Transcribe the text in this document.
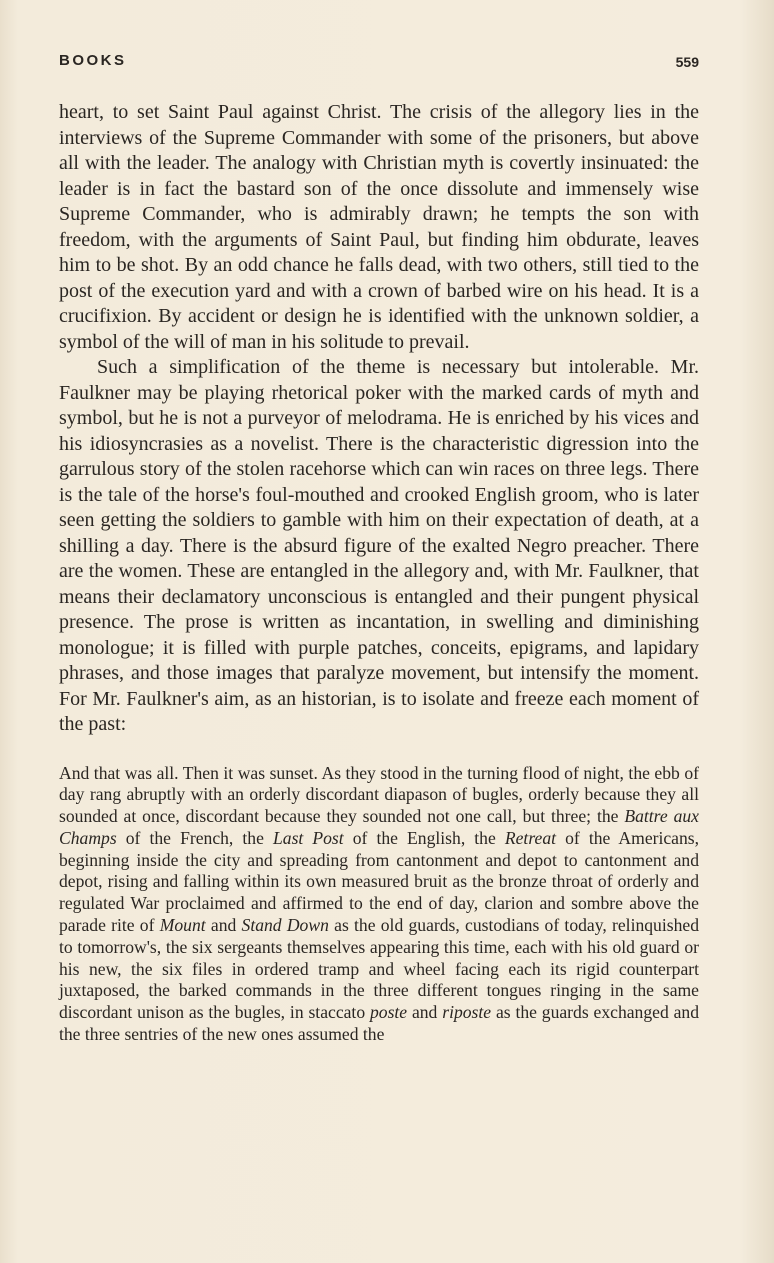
BOOKS	559

heart, to set Saint Paul against Christ. The crisis of the allegory lies in the interviews of the Supreme Commander with some of the prisoners, but above all with the leader. The analogy with Christian myth is covertly insinuated: the leader is in fact the bastard son of the once dissolute and immensely wise Supreme Commander, who is admirably drawn; he tempts the son with freedom, with the arguments of Saint Paul, but finding him obdurate, leaves him to be shot. By an odd chance he falls dead, with two others, still tied to the post of the execution yard and with a crown of barbed wire on his head. It is a crucifixion. By accident or design he is identified with the unknown soldier, a symbol of the will of man in his solitude to prevail.

Such a simplification of the theme is necessary but intolerable. Mr. Faulkner may be playing rhetorical poker with the marked cards of myth and symbol, but he is not a purveyor of melodrama. He is enriched by his vices and his idiosyncrasies as a novelist. There is the characteristic digression into the garrulous story of the stolen racehorse which can win races on three legs. There is the tale of the horse's foul-mouthed and crooked English groom, who is later seen getting the soldiers to gamble with him on their expectation of death, at a shilling a day. There is the absurd figure of the exalted Negro preacher. There are the women. These are entangled in the allegory and, with Mr. Faulkner, that means their declamatory unconscious is entangled and their pungent physical presence. The prose is written as incantation, in swelling and diminishing monologue; it is filled with purple patches, conceits, epigrams, and lapidary phrases, and those images that paralyze movement, but intensify the moment. For Mr. Faulkner's aim, as an historian, is to isolate and freeze each moment of the past:

And that was all. Then it was sunset. As they stood in the turning flood of night, the ebb of day rang abruptly with an orderly discordant diapason of bugles, orderly because they all sounded at once, discordant because they sounded not one call, but three; the Battre aux Champs of the French, the Last Post of the English, the Retreat of the Americans, beginning inside the city and spreading from cantonment and depot to cantonment and depot, rising and falling within its own measured bruit as the bronze throat of orderly and regulated War proclaimed and affirmed to the end of day, clarion and sombre above the parade rite of Mount and Stand Down as the old guards, custodians of today, relinquished to tomorrow's, the six sergeants themselves appearing this time, each with his old guard or his new, the six files in ordered tramp and wheel facing each its rigid counterpart juxtaposed, the barked commands in the three different tongues ringing in the same discordant unison as the bugles, in staccato poste and riposte as the guards exchanged and the three sentries of the new ones assumed the
